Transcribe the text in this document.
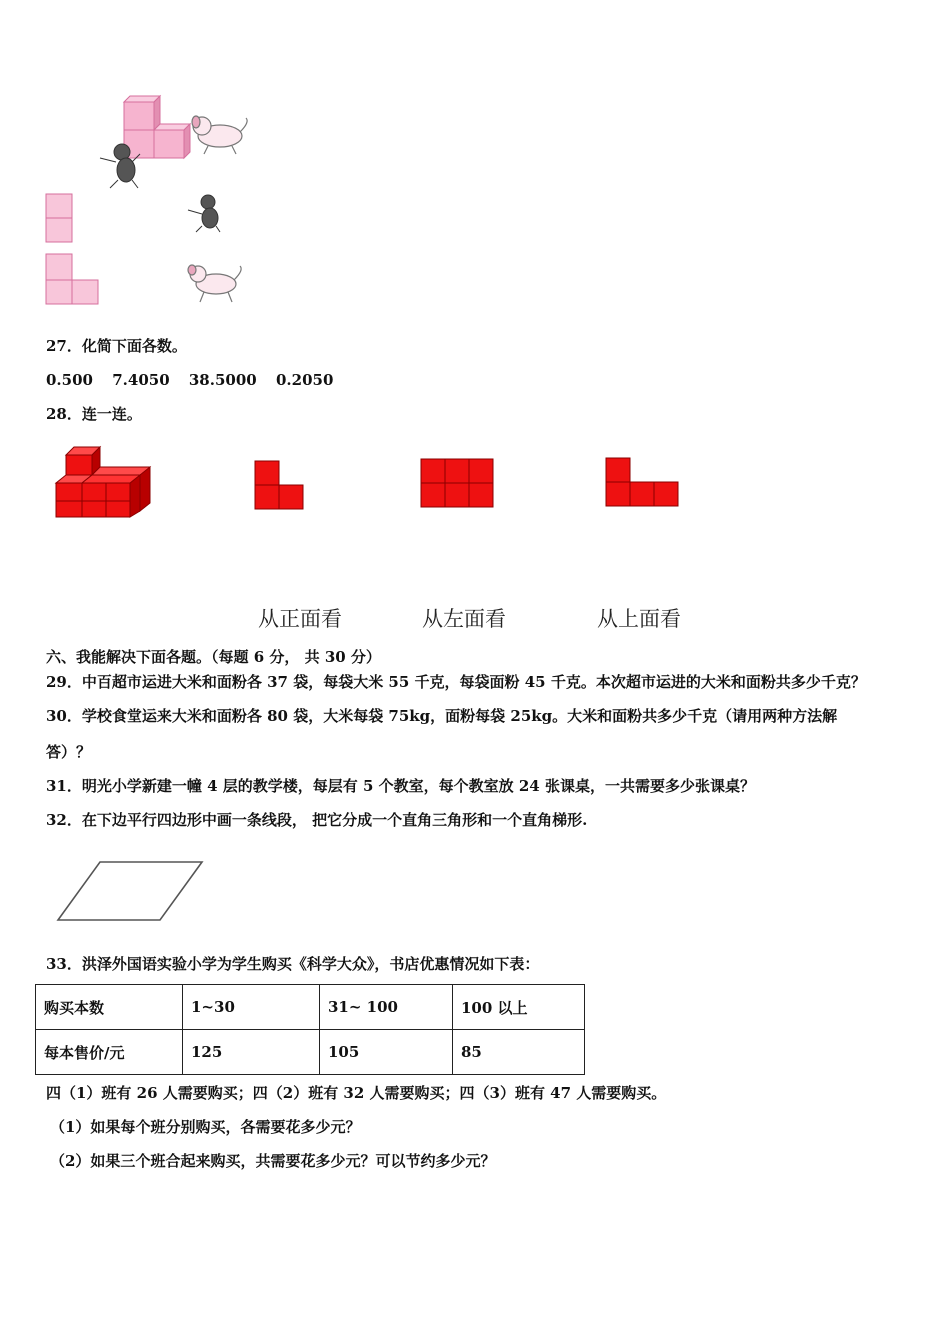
27．化简下面各数。
0.500 7.4050 38.5000 0.2050
28．连一连。
从正面看	从左面看	从上面看
六、我能解决下面各题。（每题 6 分， 共 30 分）
29．中百超市运进大米和面粉各 37 袋，每袋大米 55 千克，每袋面粉 45 千克。本次超市运进的大米和面粉共多少千克？
30．学校食堂运来大米和面粉各 80 袋，大米每袋 75kg，面粉每袋 25kg。大米和面粉共多少千克（请用两种方法解
答）？
31．明光小学新建一幢 4 层的教学楼，每层有 5 个教室，每个教室放 24 张课桌，一共需要多少张课桌？
32．在下边平行四边形中画一条线段， 把它分成一个直角三角形和一个直角梯形.
33．洪泽外国语实验小学为学生购买《科学大众》，书店优惠情况如下表：
购买本数	1~30	31~ 100	100 以上
每本售价/元	125	105	85
四（1）班有 26 人需要购买；四（2）班有 32 人需要购买；四（3）班有 47 人需要购买。
（1）如果每个班分别购买，各需要花多少元？
（2）如果三个班合起来购买，共需要花多少元？可以节约多少元？
